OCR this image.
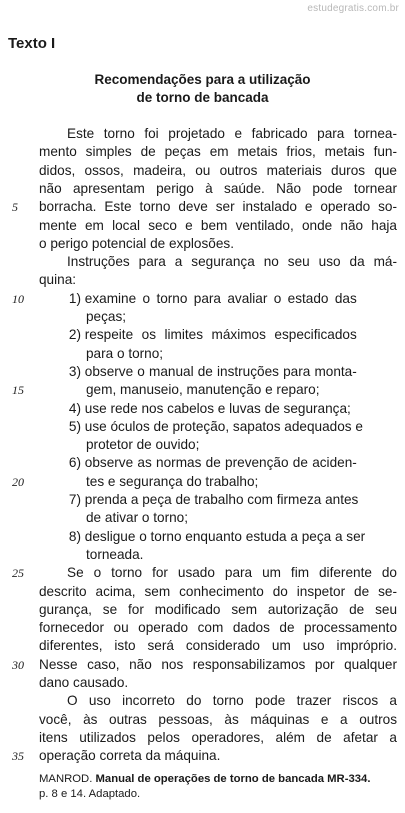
estudegratis.com.br
Texto I
Recomendações para a utilização
de torno de bancada
Este torno foi projetado e fabricado para tornea-
mento simples de peças em metais frios, metais fun-
didos, ossos, madeira, ou outros materiais duros que
não apresentam perigo à saúde. Não pode tornear
borracha. Este torno deve ser instalado e operado so-
mente em local seco e bem ventilado, onde não haja
o perigo potencial de explosões.
Instruções para a segurança no seu uso da má-
quina:
1) examine o torno para avaliar o estado das
peças;
2) respeite os limites máximos especificados
para o torno;
3) observe o manual de instruções para monta-
gem, manuseio, manutenção e reparo;
4) use rede nos cabelos e luvas de segurança;
5) use óculos de proteção, sapatos adequados e
protetor de ouvido;
6) observe as normas de prevenção de aciden-
tes e segurança do trabalho;
7) prenda a peça de trabalho com firmeza antes
de ativar o torno;
8) desligue o torno enquanto estuda a peça a ser
torneada.
Se o torno for usado para um fim diferente do
descrito acima, sem conhecimento do inspetor de se-
gurança, se for modificado sem autorização de seu
fornecedor ou operado com dados de processamento
diferentes, isto será considerado um uso impróprio.
Nesse caso, não nos responsabilizamos por qualquer
dano causado.
O uso incorreto do torno pode trazer riscos a
você, às outras pessoas, às máquinas e a outros
itens utilizados pelos operadores, além de afetar a
operação correta da máquina.
5
10
15
20
25
30
35
MANROD. Manual de operações de torno de bancada MR-334.
p. 8 e 14. Adaptado.
